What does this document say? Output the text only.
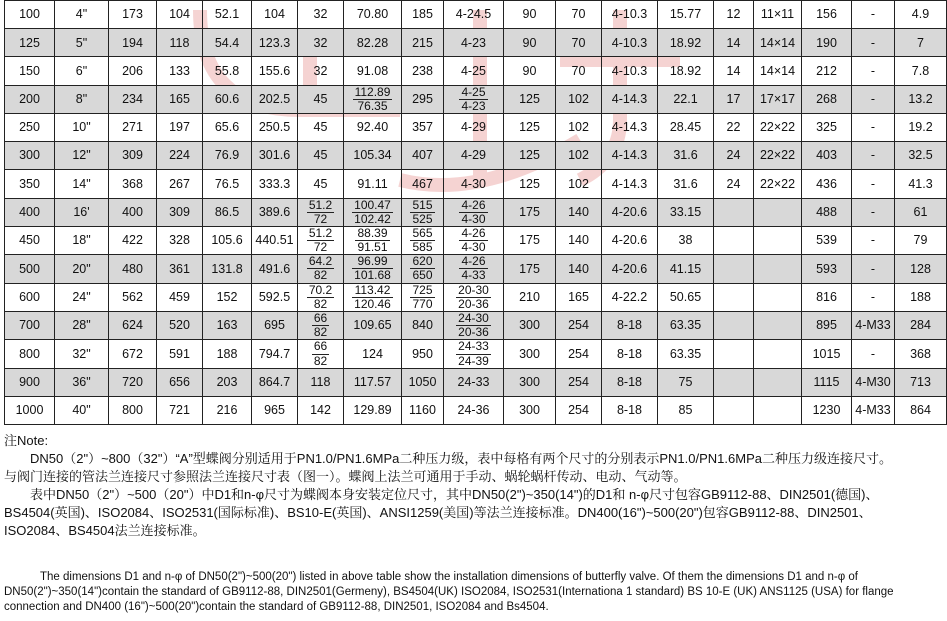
100	4"	173	104	52.1	104	32	70.80	185	4-24.5	90	70	4-10.3	15.77	12	11×11	156	-	4.9
125	5"	194	118	54.4	123.3	32	82.28	215	4-23	90	70	4-10.3	18.92	14	14×14	190	-	7
150	6"	206	133	55.8	155.6	32	91.08	238	4-25	90	70	4-10.3	18.92	14	14×14	212	-	7.8
200	8"	234	165	60.6	202.5	45	$\frac{112.89}{76.35}$	295	$\frac{4-25}{4-23}$	125	102	4-14.3	22.1	17	17×17	268	-	13.2
250	10"	271	197	65.6	250.5	45	92.40	357	4-29	125	102	4-14.3	28.45	22	22×22	325	-	19.2
300	12"	309	224	76.9	301.6	45	105.34	407	4-29	125	102	4-14.3	31.6	24	22×22	403	-	32.5
350	14"	368	267	76.5	333.3	45	91.11	467	4-30	125	102	4-14.3	31.6	24	22×22	436	-	41.3
400	16'	400	309	86.5	389.6	$\frac{51.2}{72}$	$\frac{100.47}{102.42}$	$\frac{515}{525}$	$\frac{4-26}{4-30}$	175	140	4-20.6	33.15			488	-	61
450	18"	422	328	105.6	440.51	$\frac{51.2}{72}$	$\frac{88.39}{91.51}$	$\frac{565}{585}$	$\frac{4-26}{4-30}$	175	140	4-20.6	38			539	-	79
500	20"	480	361	131.8	491.6	$\frac{64.2}{82}$	$\frac{96.99}{101.68}$	$\frac{620}{650}$	$\frac{4-26}{4-33}$	175	140	4-20.6	41.15			593	-	128
600	24"	562	459	152	592.5	$\frac{70.2}{82}$	$\frac{113.42}{120.46}$	$\frac{725}{770}$	$\frac{20-30}{20-36}$	210	165	4-22.2	50.65			816	-	188
700	28"	624	520	163	695	$\frac{66}{82}$	109.65	840	$\frac{24-30}{20-36}$	300	254	8-18	63.35			895	4-M33	284
800	32"	672	591	188	794.7	$\frac{66}{82}$	124	950	$\frac{24-33}{24-39}$	300	254	8-18	63.35			1015	-	368
900	36"	720	656	203	864.7	118	117.57	1050	24-33	300	254	8-18	75			1115	4-M30	713
1000	40"	800	721	216	965	142	129.89	1160	24-36	300	254	8-18	85			1230	4-M33	864

注Note:

DN50（2"）~800（32"）“A”型蝶阀分别适用于PN1.0/PN1.6MPa二种压力级，表中每格有两个尺寸的分别表示PN1.0/PN1.6MPa二种压力级连接尺寸。与阀门连接的管法兰连接尺寸参照法兰连接尺寸表（图一）。蝶阀上法兰可通用于手动、蜗轮蜗杆传动、电动、气动等。

表中DN50（2"）~500（20"）中D1和n-φ尺寸为蝶阀本身安装定位尺寸，其中DN50(2")~350(14")的D1和 n-φ尺寸包容GB9112-88、DIN2501(德国)、BS4504(英国)、ISO2084、ISO2531(国际标准)、BS10-E(英国)、ANSI1259(美国)等法兰连接标准。DN400(16")~500(20")包容GB9112-88、DIN2501、ISO2084、BS4504法兰连接标准。

The dimensions D1 and n-φ of DN50(2")~500(20") listed in above table show the installation dimensions of butterfly valve. Of them the dimensions D1 and n-φ of DN50(2")~350(14")contain the standard of GB9112-88, DIN2501(Germeny), BS4504(UK) ISO2084, ISO2531(Internationa 1 standard) BS 10-E (UK) ANS1125 (USA) for flange connection and DN400 (16")~500(20")contain the standard of GB9112-88, DIN2501, ISO2084 and Bs4504.
